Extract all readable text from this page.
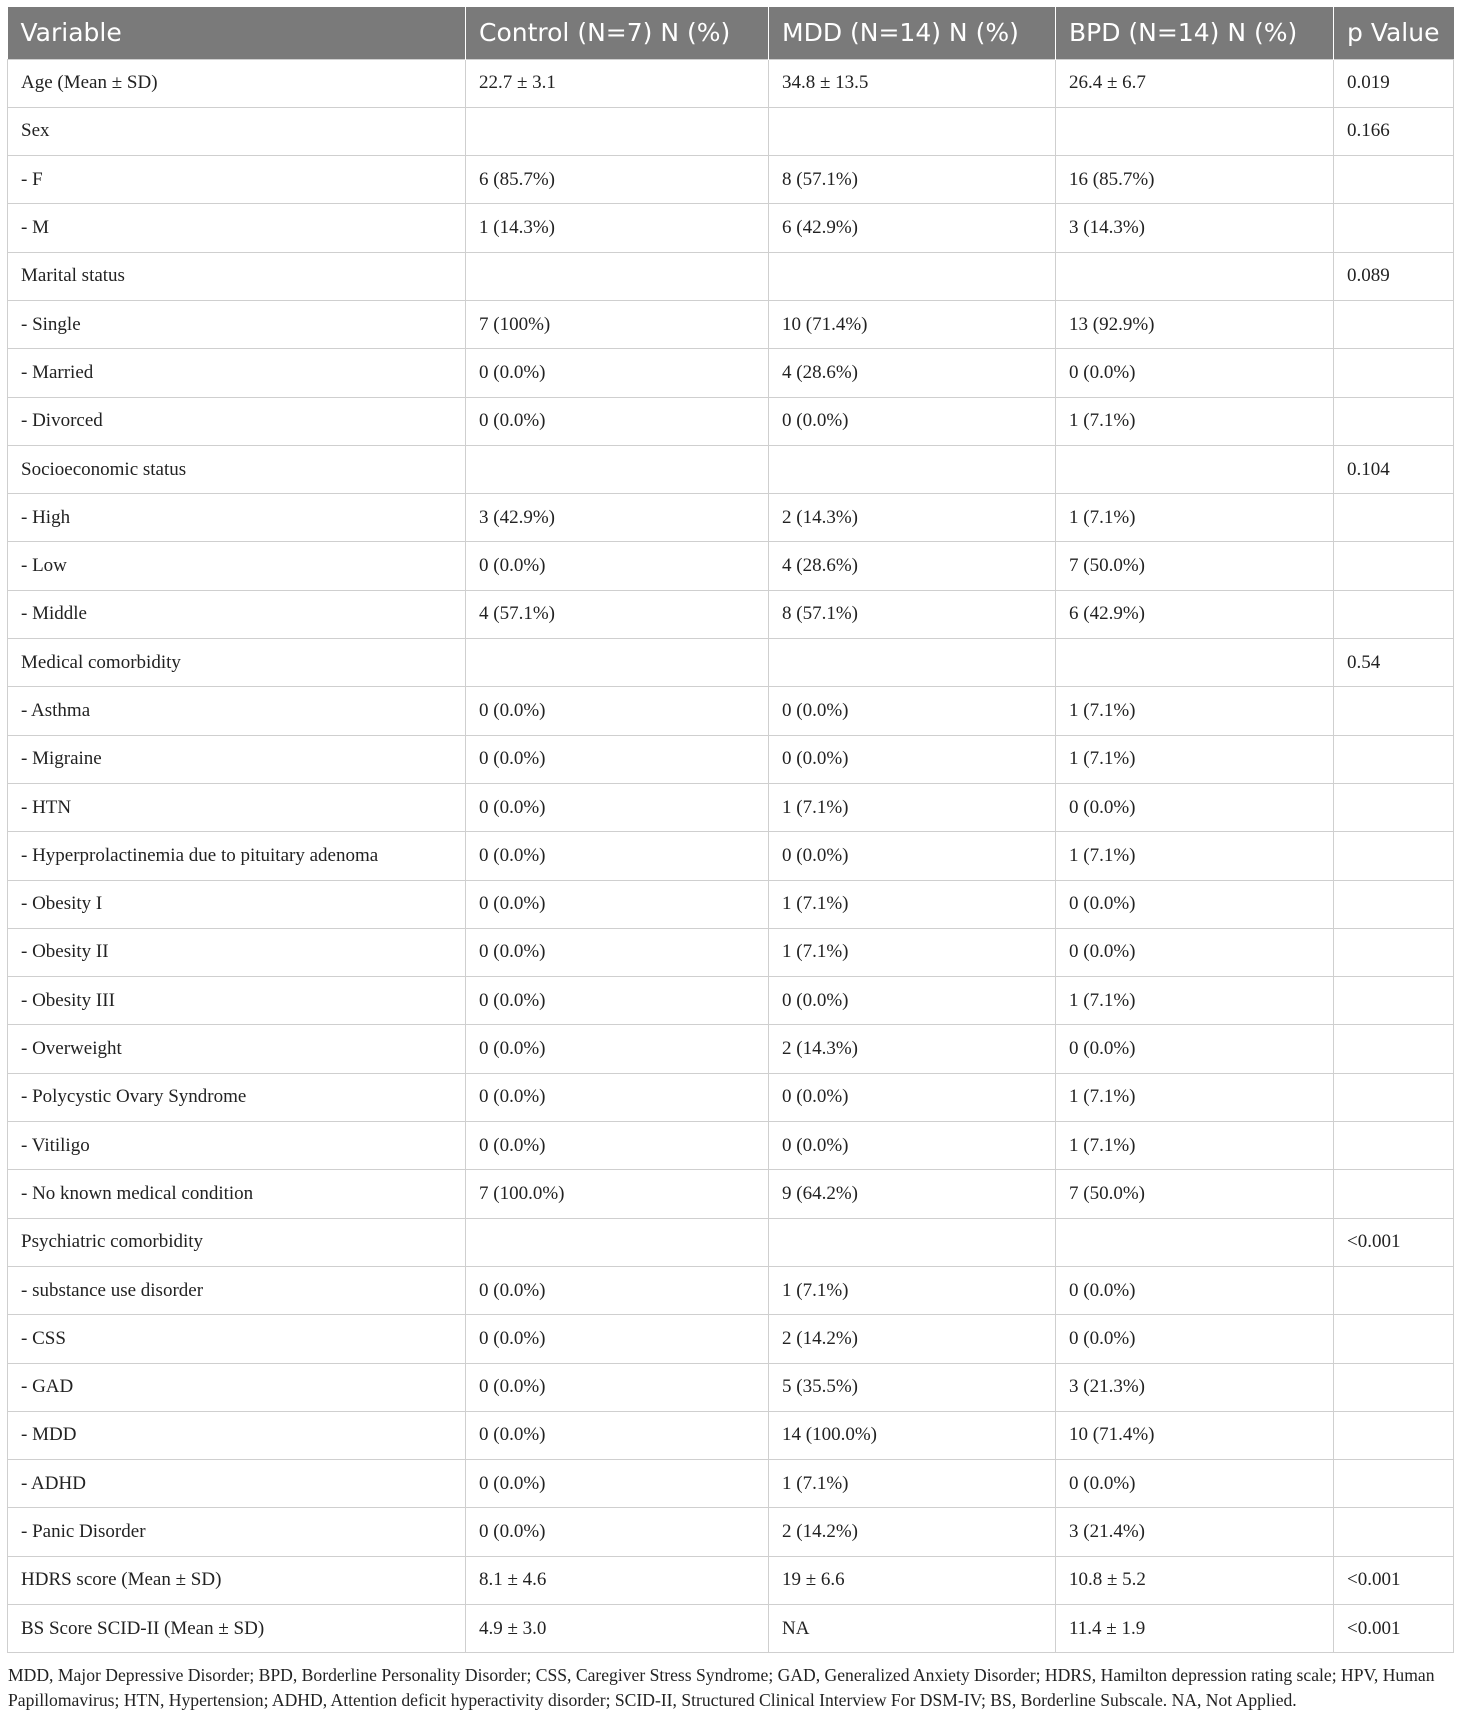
Variable	Control (N=7) N (%)	MDD (N=14) N (%)	BPD (N=14) N (%)	p Value
Age (Mean ± SD)	22.7 ± 3.1	34.8 ± 13.5	26.4 ± 6.7	0.019
Sex				0.166
- F	6 (85.7%)	8 (57.1%)	16 (85.7%)	
- M	1 (14.3%)	6 (42.9%)	3 (14.3%)	
Marital status				0.089
- Single	7 (100%)	10 (71.4%)	13 (92.9%)	
- Married	0 (0.0%)	4 (28.6%)	0 (0.0%)	
- Divorced	0 (0.0%)	0 (0.0%)	1 (7.1%)	
Socioeconomic status				0.104
- High	3 (42.9%)	2 (14.3%)	1 (7.1%)	
- Low	0 (0.0%)	4 (28.6%)	7 (50.0%)	
- Middle	4 (57.1%)	8 (57.1%)	6 (42.9%)	
Medical comorbidity				0.54
- Asthma	0 (0.0%)	0 (0.0%)	1 (7.1%)	
- Migraine	0 (0.0%)	0 (0.0%)	1 (7.1%)	
- HTN	0 (0.0%)	1 (7.1%)	0 (0.0%)	
- Hyperprolactinemia due to pituitary adenoma	0 (0.0%)	0 (0.0%)	1 (7.1%)	
- Obesity I	0 (0.0%)	1 (7.1%)	0 (0.0%)	
- Obesity II	0 (0.0%)	1 (7.1%)	0 (0.0%)	
- Obesity III	0 (0.0%)	0 (0.0%)	1 (7.1%)	
- Overweight	0 (0.0%)	2 (14.3%)	0 (0.0%)	
- Polycystic Ovary Syndrome	0 (0.0%)	0 (0.0%)	1 (7.1%)	
- Vitiligo	0 (0.0%)	0 (0.0%)	1 (7.1%)	
- No known medical condition	7 (100.0%)	9 (64.2%)	7 (50.0%)	
Psychiatric comorbidity				<0.001
- substance use disorder	0 (0.0%)	1 (7.1%)	0 (0.0%)	
- CSS	0 (0.0%)	2 (14.2%)	0 (0.0%)	
- GAD	0 (0.0%)	5 (35.5%)	3 (21.3%)	
- MDD	0 (0.0%)	14 (100.0%)	10 (71.4%)	
- ADHD	0 (0.0%)	1 (7.1%)	0 (0.0%)	
- Panic Disorder	0 (0.0%)	2 (14.2%)	3 (21.4%)	
HDRS score (Mean ± SD)	8.1 ± 4.6	19 ± 6.6	10.8 ± 5.2	<0.001
BS Score SCID-II (Mean ± SD)	4.9 ± 3.0	NA	11.4 ± 1.9	<0.001
MDD, Major Depressive Disorder; BPD, Borderline Personality Disorder; CSS, Caregiver Stress Syndrome; GAD, Generalized Anxiety Disorder; HDRS, Hamilton depression rating scale; HPV, Human Papillomavirus; HTN, Hypertension; ADHD, Attention deficit hyperactivity disorder; SCID-II, Structured Clinical Interview For DSM-IV; BS, Borderline Subscale. NA, Not Applied.
